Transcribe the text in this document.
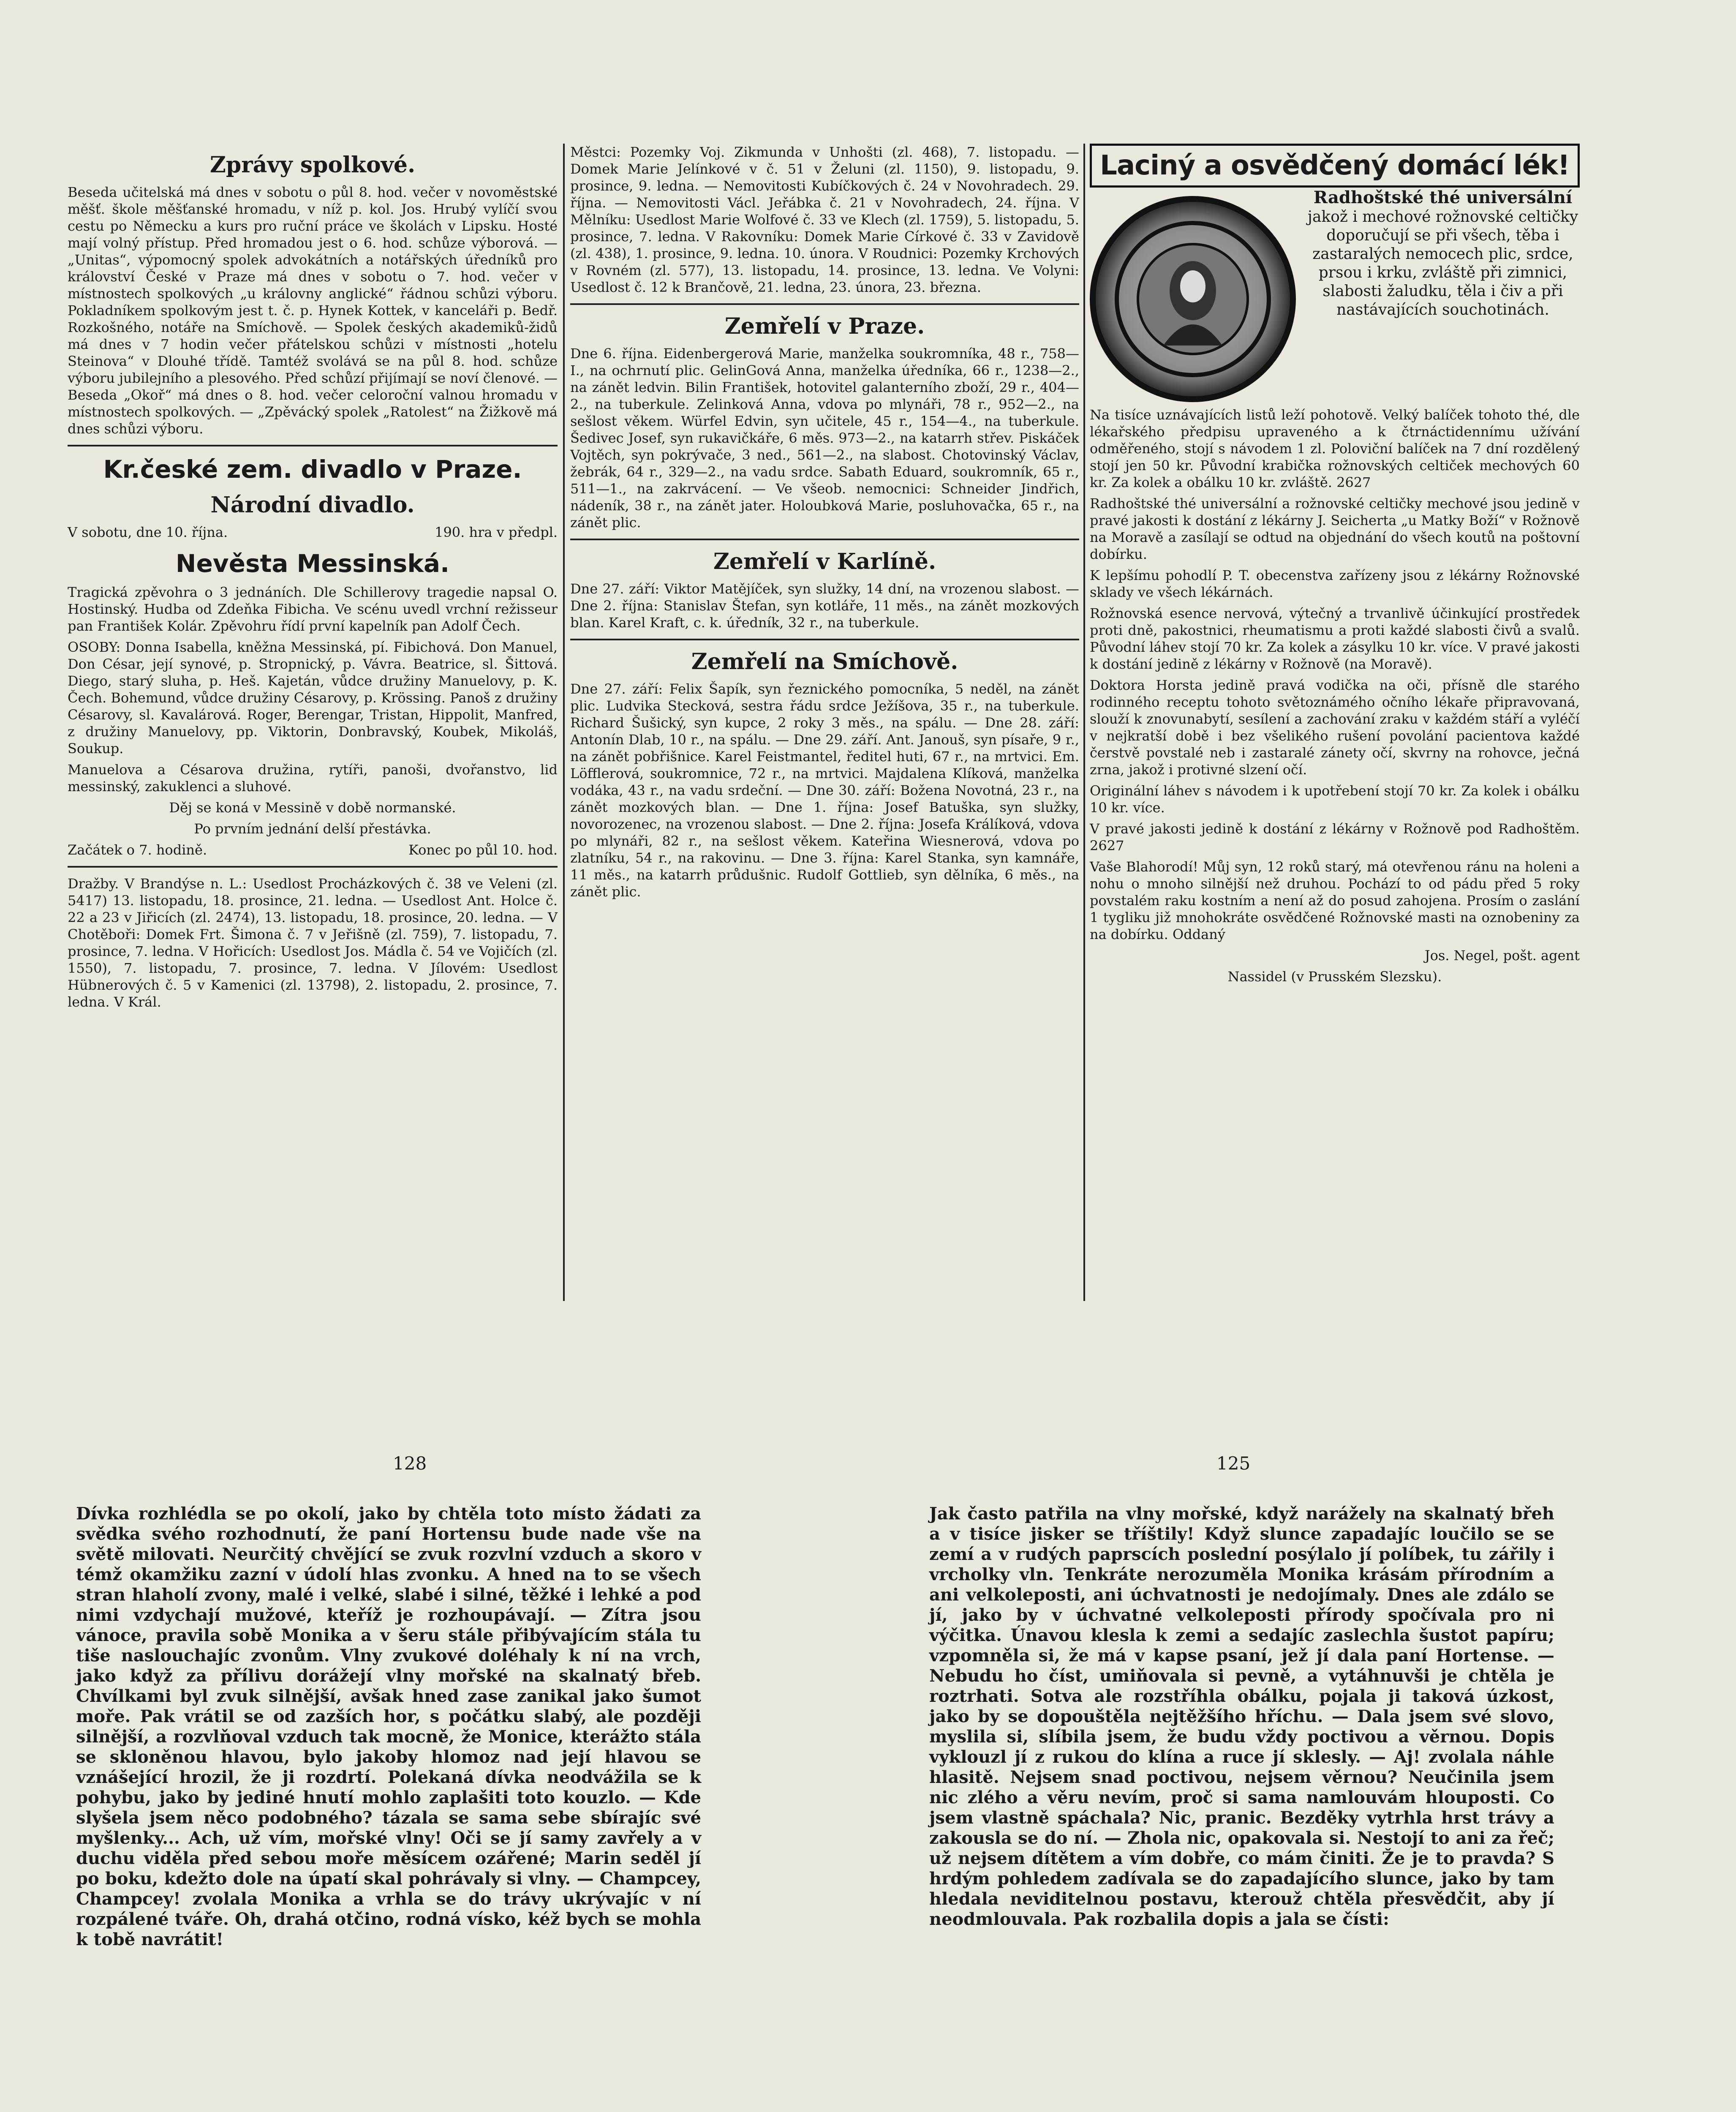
Zprávy spolkové.

Beseda učitelská má dnes v sobotu o půl 8. hod. večer v novoměstské měšť. škole měšťanské hromadu, v níž p. kol. Jos. Hrubý vylíčí svou cestu po Německu a kurs pro ruční práce ve školách v Lipsku. Hosté mají volný přístup. Před hromadou jest o 6. hod. schůze výborová. — „Unitas“, výpomocný spolek advokátních a notářských úředníků pro království České v Praze má dnes v sobotu o 7. hod. večer v místnostech spolkových „u královny anglické“ řádnou schůzi výboru. Pokladníkem spolkovým jest t. č. p. Hynek Kottek, v kanceláři p. Bedř. Rozkošného, notáře na Smíchově. — Spolek českých akademiků-židů má dnes v 7 hodin večer přátelskou schůzi v místnosti „hotelu Steinova“ v Dlouhé třídě. Tamtéž svolává se na půl 8. hod. schůze výboru jubilejního a plesového. Před schůzí přijímají se noví členové. — Beseda „Okoř“ má dnes o 8. hod. večer celoroční valnou hromadu v místnostech spolkových. — „Zpěvácký spolek „Ratolest“ na Žižkově má dnes schůzi výboru.

Kr.české zem. divadlo v Praze.
Národní divadlo.

V sobotu, dne 10. října.	190. hra v předpl.

Nevěsta Messinská.

Tragická zpěvohra o 3 jednáních. Dle Schillerovy tragedie napsal O. Hostinský. Hudba od Zdeňka Fibicha. Ve scénu uvedl vrchní režisseur pan František Kolár. Zpěvohru řídí první kapelník pan Adolf Čech.

OSOBY: Donna Isabella, kněžna Messinská, pí. Fibichová. Don Manuel, Don César, její synové, p. Stropnický, p. Vávra. Beatrice, sl. Šittová. Diego, starý sluha, p. Heš. Kajetán, vůdce družiny Manuelovy, p. K. Čech. Bohemund, vůdce družiny Césarovy, p. Krössing. Panoš z družiny Césarovy, sl. Kavalárová. Roger, Berengar, Tristan, Hippolit, Manfred, z družiny Manuelovy, pp. Viktorin, Donbravský, Koubek, Mikoláš, Soukup.

Manuelova a Césarova družina, rytíři, panoši, dvořanstvo, lid messinský, zakuklenci a sluhové.

Děj se koná v Messině v době normanské.

Po prvním jednání delší přestávka.

Začátek o 7. hodině.	Konec po půl 10. hod.

Dražby. V Brandýse n. L.: Usedlost Procházkových č. 38 ve Veleni (zl. 5417) 13. listopadu, 18. prosince, 21. ledna. — Usedlost Ant. Holce č. 22 a 23 v Jiřicích (zl. 2474), 13. listopadu, 18. prosince, 20. ledna. — V Chotěboři: Domek Frt. Šimona č. 7 v Jeřišně (zl. 759), 7. listopadu, 7. prosince, 7. ledna. V Hořicích: Usedlost Jos. Mádla č. 54 ve Vojičích (zl. 1550), 7. listopadu, 7. prosince, 7. ledna. V Jílovém: Usedlost Hübnerových č. 5 v Kamenici (zl. 13798), 2. listopadu, 2. prosince, 7. ledna. V Král.

Městci: Pozemky Voj. Zikmunda v Unhošti (zl. 468), 7. listopadu. — Domek Marie Jelínkové v č. 51 v Želuni (zl. 1150), 9. listopadu, 9. prosince, 9. ledna. — Nemovitosti Kubíčkových č. 24 v Novohradech. 29. října. — Nemovitosti Václ. Jeřábka č. 21 v Novohradech, 24. října. V Mělníku: Usedlost Marie Wolfové č. 33 ve Klech (zl. 1759), 5. listopadu, 5. prosince, 7. ledna. V Rakovníku: Domek Marie Církové č. 33 v Zavidově (zl. 438), 1. prosince, 9. ledna. 10. února. V Roudnici: Pozemky Krchových v Rovném (zl. 577), 13. listopadu, 14. prosince, 13. ledna. Ve Volyni: Usedlost č. 12 k Brančově, 21. ledna, 23. února, 23. března.

Zemřelí v Praze.

Dne 6. října. Eidenbergerová Marie, manželka soukromníka, 48 r., 758—I., na ochrnutí plic. GelinGová Anna, manželka úředníka, 66 r., 1238—2., na zánět ledvin. Bilin František, hotovitel galanterního zboží, 29 r., 404—2., na tuberkule. Zelinková Anna, vdova po mlynáři, 78 r., 952—2., na sešlost věkem. Würfel Edvin, syn učitele, 45 r., 154—4., na tuberkule. Šedivec Josef, syn rukavičkáře, 6 měs. 973—2., na katarrh střev. Piskáček Vojtěch, syn pokrývače, 3 ned., 561—2., na slabost. Chotovinský Václav, žebrák, 64 r., 329—2., na vadu srdce. Sabath Eduard, soukromník, 65 r., 511—1., na zakrvácení. — Ve všeob. nemocnici: Schneider Jindřich, nádeník, 38 r., na zánět jater. Holoubková Marie, posluhovačka, 65 r., na zánět plic.

Zemřelí v Karlíně.

Dne 27. září: Viktor Matějíček, syn služky, 14 dní, na vrozenou slabost. — Dne 2. října: Stanislav Štefan, syn kotláře, 11 měs., na zánět mozkových blan. Karel Kraft, c. k. úředník, 32 r., na tuberkule.

Zemřelí na Smíchově.

Dne 27. září: Felix Šapík, syn řeznického pomocníka, 5 neděl, na zánět plic. Ludvika Stecková, sestra řádu srdce Ježíšova, 35 r., na tuberkule. Richard Šušický, syn kupce, 2 roky 3 měs., na spálu. — Dne 28. září: Antonín Dlab, 10 r., na spálu. — Dne 29. září. Ant. Janouš, syn písaře, 9 r., na zánět pobřišnice. Karel Feistmantel, ředitel huti, 67 r., na mrtvici. Em. Löfflerová, soukromnice, 72 r., na mrtvici. Majdalena Klíková, manželka vodáka, 43 r., na vadu srdeční. — Dne 30. září: Božena Novotná, 23 r., na zánět mozkových blan. — Dne 1. října: Josef Batuška, syn služky, novorozenec, na vrozenou slabost. — Dne 2. října: Josefa Králíková, vdova po mlynáři, 82 r., na sešlost věkem. Kateřina Wiesnerová, vdova po zlatníku, 54 r., na rakovinu. — Dne 3. října: Karel Stanka, syn kamnáře, 11 měs., na katarrh průdušnic. Rudolf Gottlieb, syn dělníka, 6 měs., na zánět plic.

Laciný a osvědčený domácí lék!
Radhoštské thé universální

jakož i mechové rožnovské celtičky doporučují se při všech, těba i zastaralých nemocech plic, srdce, prsou i krku, zvláště při zimnici, slabosti žaludku, těla i čiv a při nastávajících souchotinách.

Na tisíce uznávajících listů leží pohotově. Velký balíček tohoto thé, dle lékařského předpisu upraveného a k čtrnáctidennímu užívání odměřeného, stojí s návodem 1 zl. Poloviční balíček na 7 dní rozdělený stojí jen 50 kr. Původní krabička rožnovských celtiček mechových 60 kr. Za kolek a obálku 10 kr. zvláště. 2627

Radhoštské thé universální a rožnovské celtičky mechové jsou jedině v pravé jakosti k dostání z lékárny J. Seichertа „u Matky Boží“ v Rožnově na Moravě a zasílají se odtud na objednání do všech koutů na poštovní dobírku.

K lepšímu pohodlí P. T. obecenstva zařízeny jsou z lékárny Rožnovské sklady ve všech lékárnách.

Rožnovská esence nervová, výtečný a trvanlivě účinkující prostředek proti dně, pakostnici, rheumatismu a proti každé slabosti čivů a svalů. Původní láhev stojí 70 kr. Za kolek a zásylku 10 kr. více. V pravé jakosti k dostání jedině z lékárny v Rožnově (na Moravě).

Doktora Horsta jedině pravá vodička na oči, přísně dle starého rodinného receptu tohoto světoznámého očního lékaře připravovaná, slouží k znovunabytí, sesílení a zachování zraku v každém stáří a vyléčí v nejkratší době i bez všelikého rušení povolání pacientova každé čerstvě povstalé neb i zastaralé zánety očí, skvrny na rohovce, ječná zrna, jakož i protivné slzení očí.

Originální láhev s návodem i k upotřebení stojí 70 kr. Za kolek i obálku 10 kr. více.

V pravé jakosti jedině k dostání z lékárny v Rožnově pod Radhoštěm. 2627

Vaše Blahorodí! Můj syn, 12 roků starý, má otevřenou ránu na holeni a nohu o mnoho silnější než druhou. Pochází to od pádu před 5 roky povstalém raku kostním a není až do posud zahojena. Prosím o zaslání 1 tygliku již mnohokráte osvědčené Rožnovské masti na oznobeniny za na dobírku. Oddaný

Jos. Negel, pošt. agent

Nassidel (v Prusském Slezsku).

128	125

Dívka rozhlédla se po okolí, jako by chtěla toto místo žádati za svědka svého rozhodnutí, že paní Hortensu bude nade vše na světě milovati. Neurčitý chvějící se zvuk rozvlní vzduch a skoro v témž okamžiku zazní v údolí hlas zvonku. A hned na to se všech stran hlaholí zvony, malé i velké, slabé i silné, těžké i lehké a pod nimi vzdychají mužové, kteříž je rozhoupávají. — Zítra jsou vánoce, pravila sobě Monika a v šeru stále přibývajícím stála tu tiše naslouchajíc zvonům. Vlny zvukové doléhaly k ní na vrch, jako když za přílivu dorážejí vlny mořské na skalnatý břeb. Chvílkami byl zvuk silnější, avšak hned zase zanikal jako šumot moře. Pak vrátil se od zazších hor, s počátku slabý, ale později silnější, a rozvlňoval vzduch tak mocně, že Monice, kterážto stála se skloněnou hlavou, bylo jakoby hlomoz nad její hlavou se vznášející hrozil, že ji rozdrtí. Polekaná dívka neodvážila se k pohybu, jako by jediné hnutí mohlo zaplašiti toto kouzlo. — Kde slyšela jsem něco podobného? tázala se sama sebe sbírajíc své myšlenky... Ach, už vím, mořské vlny! Oči se jí samy zavřely a v duchu viděla před sebou moře měsícem ozářené; Marin seděl jí po boku, kdežto dole na úpatí skal pohrávaly si vlny. — Champcey, Champcey! zvolala Monika a vrhla se do trávy ukrývajíc v ní rozpálené tváře. Oh, drahá otčino, rodná vísko, kéž bych se mohla k tobě navrátit!

Jak často patřila na vlny mořské, když narážely na skalnatý břeh a v tisíce jisker se tříštily! Když slunce zapadajíc loučilo se se zemí a v rudých paprscích poslední posýlalo jí políbek, tu zářily i vrcholky vln. Tenkráte nerozuměla Monika krásám přírodním a ani velkoleposti, ani úchvatnosti je nedojímaly. Dnes ale zdálo se jí, jako by v úchvatné velkoleposti přírody spočívala pro ni výčitka. Únavou klesla k zemi a sedajíc zaslechla šustot papíru; vzpomněla si, že má v kapse psaní, jež jí dala paní Hortense. — Nebudu ho číst, umiňovala si pevně, a vytáhnuvši je chtěla je roztrhati. Sotva ale rozstříhla obálku, pojala ji taková úzkost, jako by se dopouštěla nejtěžšího hříchu. — Dala jsem své slovo, myslila si, slíbila jsem, že budu vždy poctivou a věrnou. Dopis vyklouzl jí z rukou do klína a ruce jí sklesly. — Aj! zvolala náhle hlasitě. Nejsem snad poctivou, nejsem věrnou? Neučinila jsem nic zlého a věru nevím, proč si sama namlouvám hlouposti. Co jsem vlastně spáchala? Nic, pranic. Bezděky vytrhla hrst trávy a zakousla se do ní. — Zhola nic, opakovala si. Nestojí to ani za řeč; už nejsem dítětem a vím dobře, co mám činiti. Že je to pravda? S hrdým pohledem zadívala se do zapadajícího slunce, jako by tam hledala neviditelnou postavu, kterouž chtěla přesvědčit, aby jí neodmlouvala. Pak rozbalila dopis a jala se čísti:
